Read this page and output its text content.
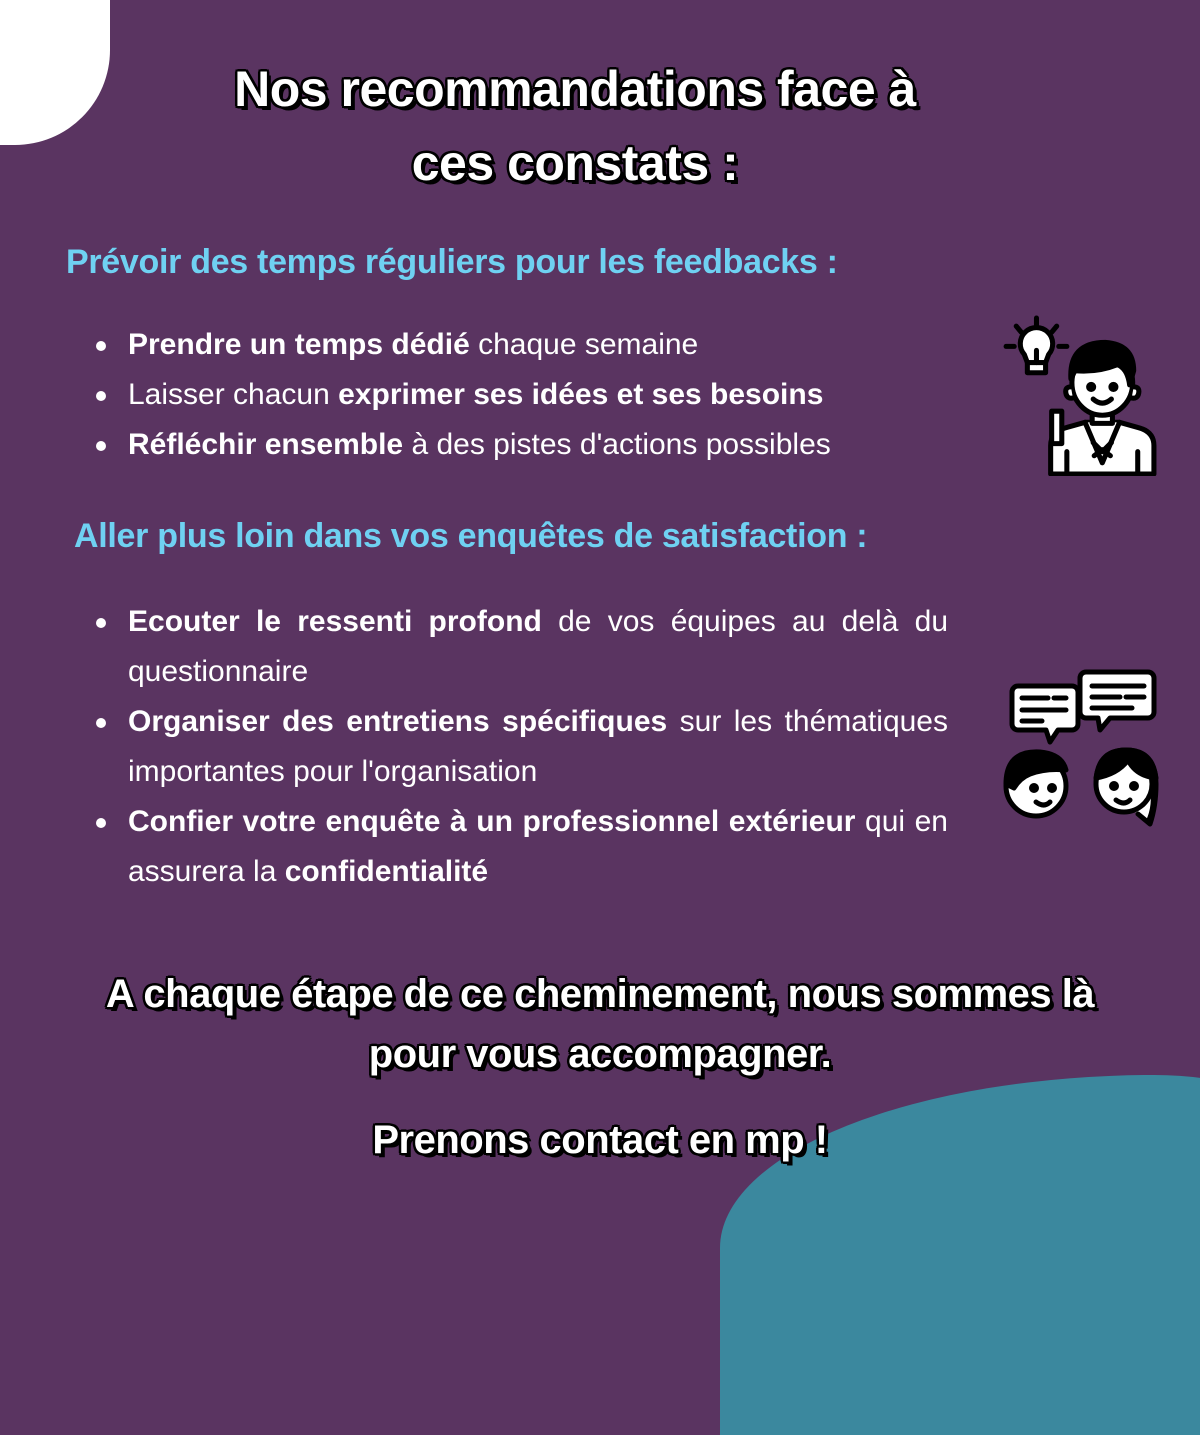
Nos recommandations face à
ces constats :
Prévoir des temps réguliers pour les feedbacks :
Prendre un temps dédié chaque semaine
Laisser chacun exprimer ses idées et ses besoins
Réfléchir ensemble à des pistes d'actions possibles
Aller plus loin dans vos enquêtes de satisfaction :
Ecouter le ressenti profond de vos équipes au delà du questionnaire
Organiser des entretiens spécifiques sur les thématiques importantes pour l'organisation
Confier votre enquête à un professionnel extérieur qui en assurera la confidentialité
A chaque étape de ce cheminement, nous sommes là
pour vous accompagner.
Prenons contact en mp !
